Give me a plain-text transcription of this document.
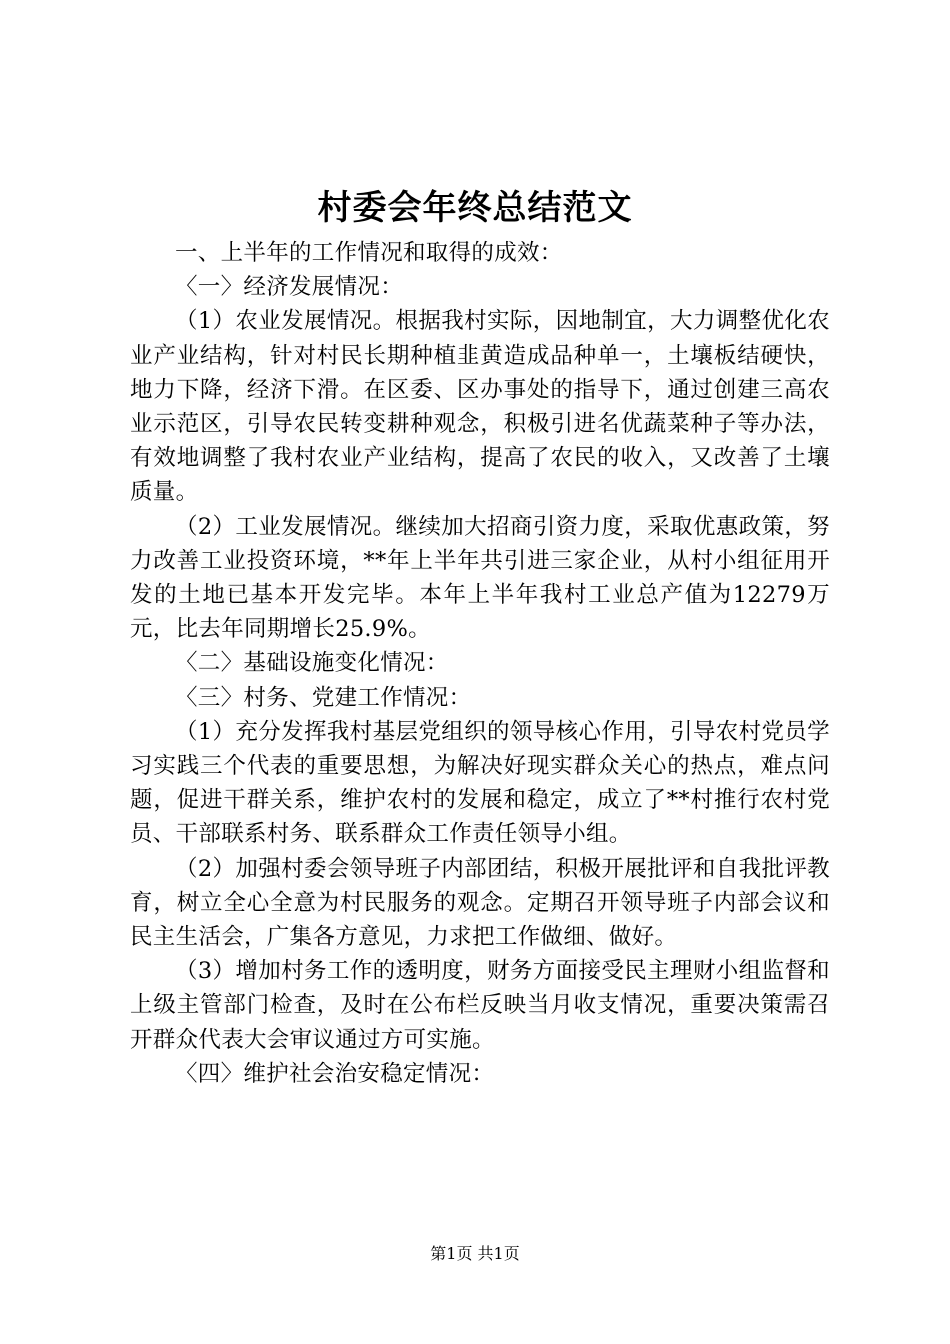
村委会年终总结范文

一、上半年的工作情况和取得的成效：

〈一〉经济发展情况：

（1）农业发展情况。根据我村实际，因地制宜，大力调整优化农业产业结构，针对村民长期种植韭黄造成品种单一，土壤板结硬快，地力下降，经济下滑。在区委、区办事处的指导下，通过创建三高农业示范区，引导农民转变耕种观念，积极引进名优蔬菜种子等办法，有效地调整了我村农业产业结构，提高了农民的收入，又改善了土壤质量。

（2）工业发展情况。继续加大招商引资力度，采取优惠政策，努力改善工业投资环境，**年上半年共引进三家企业，从村小组征用开发的土地已基本开发完毕。本年上半年我村工业总产值为12279万元，比去年同期增长25.9%。

〈二〉基础设施变化情况：

〈三〉村务、党建工作情况：

（1）充分发挥我村基层党组织的领导核心作用，引导农村党员学习实践三个代表的重要思想，为解决好现实群众关心的热点，难点问题，促进干群关系，维护农村的发展和稳定，成立了**村推行农村党员、干部联系村务、联系群众工作责任领导小组。

（2）加强村委会领导班子内部团结，积极开展批评和自我批评教育，树立全心全意为村民服务的观念。定期召开领导班子内部会议和民主生活会，广集各方意见，力求把工作做细、做好。

（3）增加村务工作的透明度，财务方面接受民主理财小组监督和上级主管部门检查，及时在公布栏反映当月收支情况，重要决策需召开群众代表大会审议通过方可实施。

〈四〉维护社会治安稳定情况：

第1页 共1页
